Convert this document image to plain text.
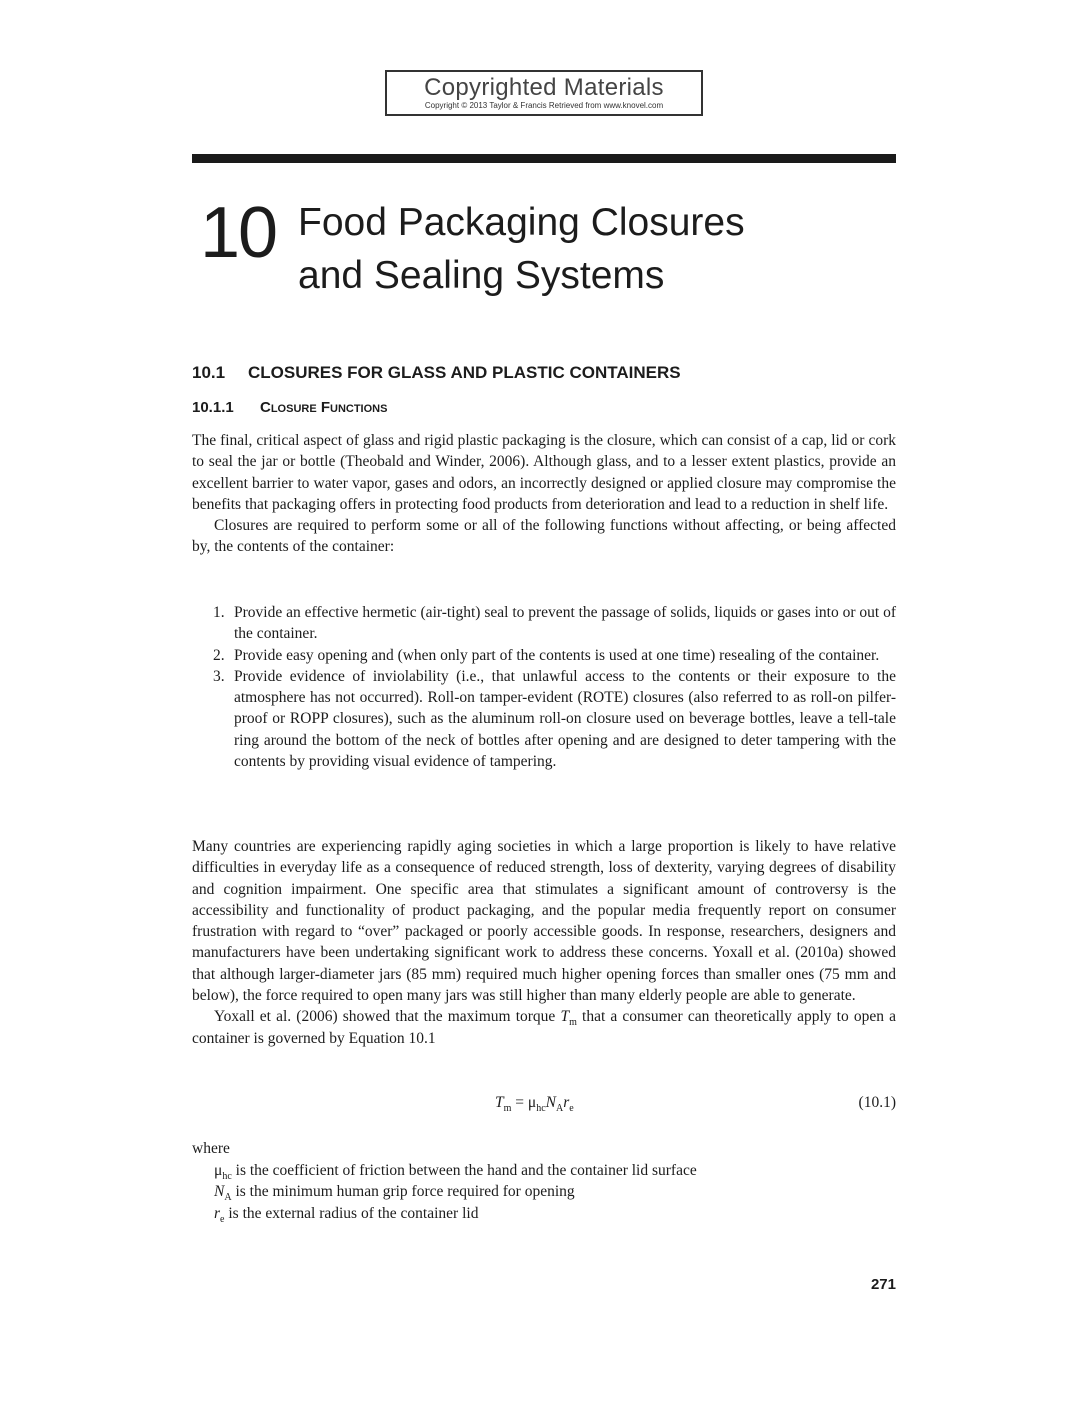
Copyrighted Materials
Copyright © 2013 Taylor & Francis Retrieved from www.knovel.com
10 Food Packaging Closures
and Sealing Systems
10.1 CLOSURES FOR GLASS AND PLASTIC CONTAINERS
10.1.1 Closure Functions

The final, critical aspect of glass and rigid plastic packaging is the closure, which can consist of a cap, lid or cork to seal the jar or bottle (Theobald and Winder, 2006). Although glass, and to a lesser extent plastics, provide an excellent barrier to water vapor, gases and odors, an incorrectly designed or applied closure may compromise the benefits that packaging offers in protecting food products from deterioration and lead to a reduction in shelf life.

Closures are required to perform some or all of the following functions without affecting, or being affected by, the contents of the container:

1. Provide an effective hermetic (air-tight) seal to prevent the passage of solids, liquids or gases into or out of the container.
2. Provide easy opening and (when only part of the contents is used at one time) resealing of the container.
3. Provide evidence of inviolability (i.e., that unlawful access to the contents or their exposure to the atmosphere has not occurred). Roll-on tamper-evident (ROTE) closures (also referred to as roll-on pilfer-proof or ROPP closures), such as the aluminum roll-on closure used on beverage bottles, leave a tell-tale ring around the bottom of the neck of bottles after opening and are designed to deter tampering with the contents by providing visual evidence of tampering.

Many countries are experiencing rapidly aging societies in which a large proportion is likely to have relative difficulties in everyday life as a consequence of reduced strength, loss of dexterity, varying degrees of disability and cognition impairment. One specific area that stimulates a significant amount of controversy is the accessibility and functionality of product packaging, and the popular media frequently report on consumer frustration with regard to “over” packaged or poorly accessible goods. In response, researchers, designers and manufacturers have been undertaking significant work to address these concerns. Yoxall et al. (2010a) showed that although larger-diameter jars (85 mm) required much higher opening forces than smaller ones (75 mm and below), the force required to open many jars was still higher than many elderly people are able to generate.

Yoxall et al. (2006) showed that the maximum torque $T_m$ that a consumer can theoretically apply to open a container is governed by Equation 10.1

$T_m = \mu_{hc}N_Ar_e$	(10.1)
where
$\mu_{hc}$ is the coefficient of friction between the hand and the container lid surface
$N_A$ is the minimum human grip force required for opening
$r_e$ is the external radius of the container lid
271
